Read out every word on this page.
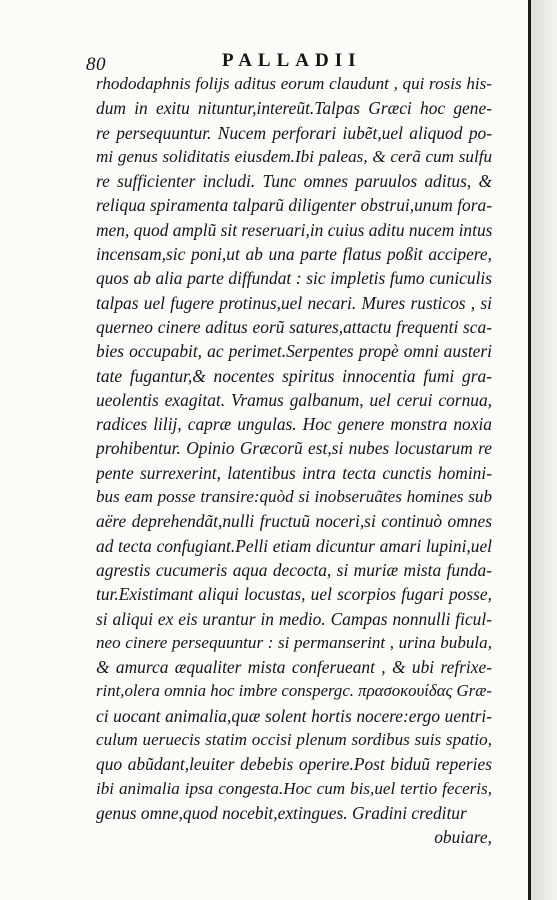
80	PALLADII
rhododaphnis folijs aditus eorum claudunt , qui rosis his-
dum in exitu nituntur,intereũt.Talpas Græci hoc gene-
re persequuntur. Nucem perforari iubẽt,uel aliquod po-
mi genus soliditatis eiusdem.Ibi paleas, & cerã cum sulfu
re sufficienter includi. Tunc omnes paruulos aditus, &
reliqua spiramenta talparũ diligenter obstrui,unum fora-
men, quod amplũ sit reseruari,in cuius aditu nucem intus
incensam,sic poni,ut ab una parte flatus poßit accipere,
quos ab alia parte diffundat : sic impletis fumo cuniculis
talpas uel fugere protinus,uel necari. Mures rusticos , si
querneo cinere aditus eorũ satures,attactu frequenti sca-
bies occupabit, ac perimet.Serpentes propè omni austeri
tate fugantur,& nocentes spiritus innocentia fumi gra-
ueolentis exagitat. Vramus galbanum, uel cerui cornua,
radices lilij, capræ ungulas. Hoc genere monstra noxia
prohibentur. Opinio Græcorũ est,si nubes locustarum re
pente surrexerint, latentibus intra tecta cunctis homini-
bus eam posse transire:quòd si inobseruãtes homines sub
aëre deprehendãt,nulli fructuũ noceri,si continuò omnes
ad tecta confugiant.Pelli etiam dicuntur amari lupini,uel
agrestis cucumeris aqua decocta, si muriæ mista funda-
tur.Existimant aliqui locustas, uel scorpios fugari posse,
si aliqui ex eis urantur in medio. Campas nonnulli ficul-
neo cinere persequuntur : si permanserint , urina bubula,
& amurca æqualiter mista conferueant , & ubi refrixe-
rint,olera omnia hoc imbre conspergc. πρασοκουίδας Græ-
ci uocant animalia,quæ solent hortis nocere:ergo uentri-
culum ueruecis statim occisi plenum sordibus suis spatio,
quo abũdant,leuiter debebis operire.Post biduũ reperies
ibi animalia ipsa congesta.Hoc cum bis,uel tertio feceris,
genus omne,quod nocebit,extingues. Gradini creditur
obuiare,
